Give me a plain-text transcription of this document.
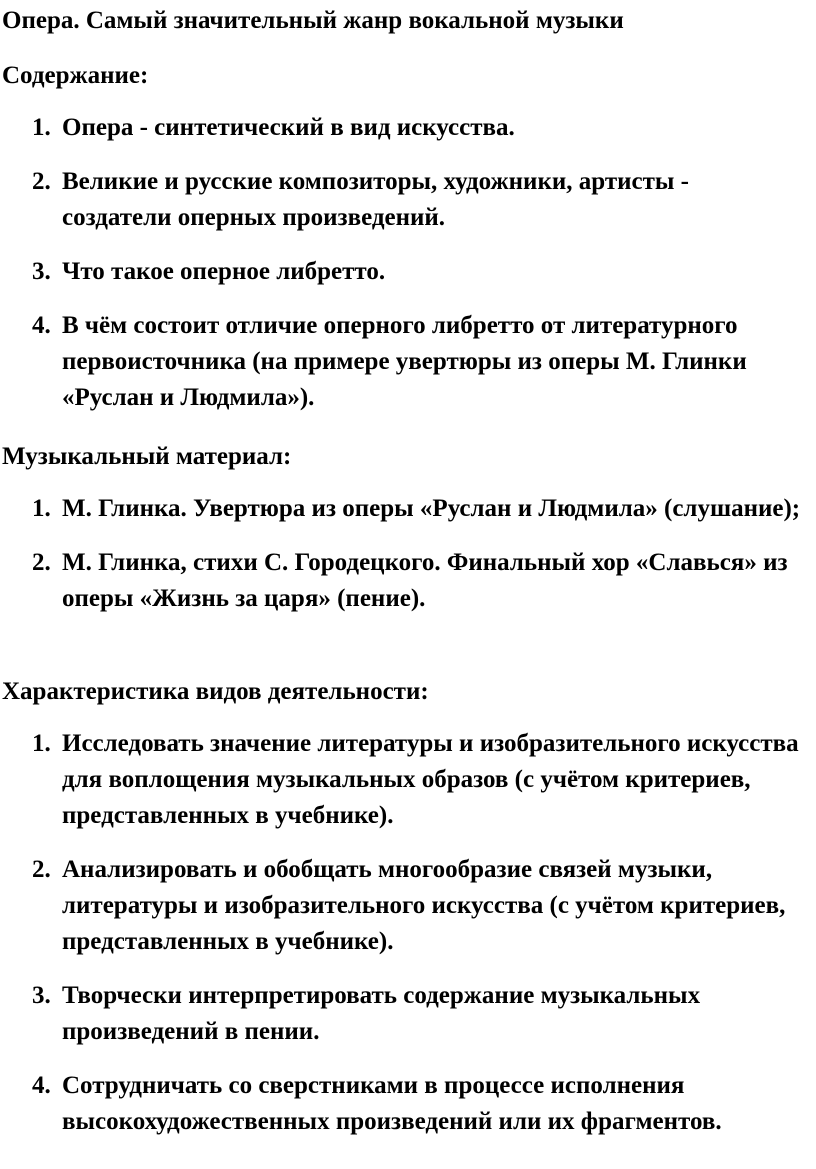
Опера. Самый значительный жанр вокальной музыки

Содержание:

1. Опера - синтетический в вид искусства.
2. Великие и русские композиторы, художники, артисты - создатели оперных произведений.
3. Что такое оперное либретто.
4. В чём состоит отличие оперного либретто от литературного первоисточника (на примере увертюры из оперы М. Глинки «Руслан и Людмила»).

Музыкальный материал:

1. М. Глинка. Увертюра из оперы «Руслан и Людмила» (слушание);
2. М. Глинка, стихи С. Городецкого. Финальный хор «Славься» из оперы «Жизнь за царя» (пение).

Характеристика видов деятельности:

1. Исследовать значение литературы и изобразительного искусства для воплощения музыкальных образов (с учётом критериев, представленных в учебнике).
2. Анализировать и обобщать многообразие связей музыки, литературы и изобразительного искусства (с учётом критериев, представленных в учебнике).
3. Творчески интерпретировать содержание музыкальных произведений в пении.
4. Сотрудничать со сверстниками в процессе исполнения высокохудожественных произведений или их фрагментов.
